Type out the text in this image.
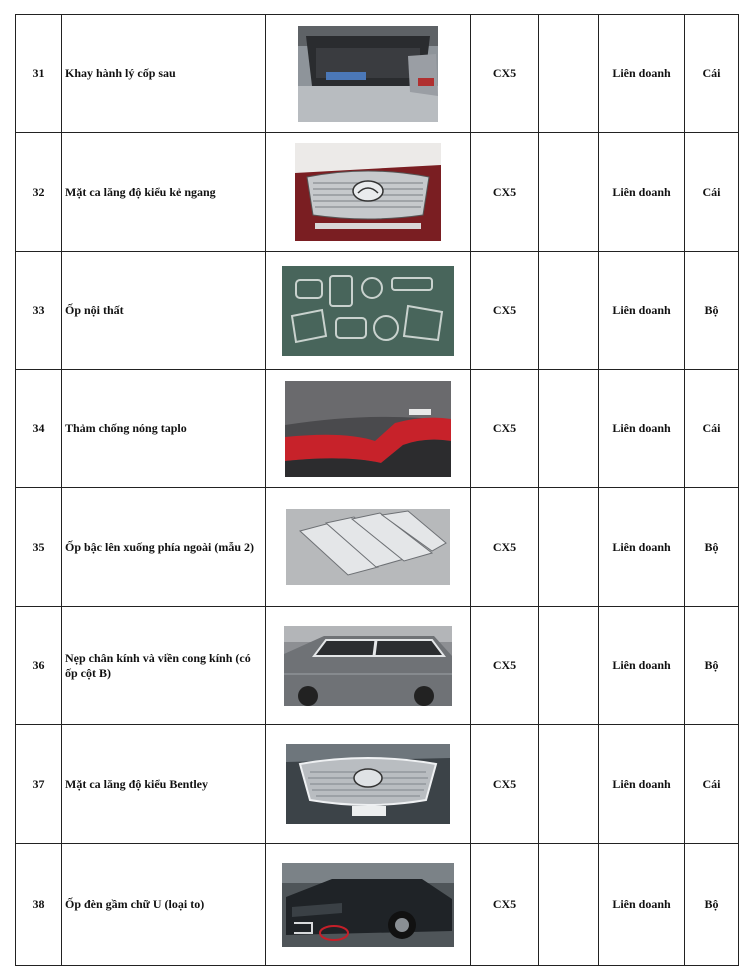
31	Khay hành lý cốp sau		CX5		Liên doanh	Cái
32	Mặt ca lăng độ kiểu kẻ ngang		CX5		Liên doanh	Cái
33	Ốp nội thất		CX5		Liên doanh	Bộ
34	Thảm chống nóng taplo		CX5		Liên doanh	Cái
35	Ốp bậc lên xuống phía ngoài (mẫu 2)		CX5		Liên doanh	Bộ
36	Nẹp chân kính và viền cong kính (có ốp cột B)		CX5		Liên doanh	Bộ
37	Mặt ca lăng độ kiểu Bentley		CX5		Liên doanh	Cái
38	Ốp đèn gầm chữ U (loại to)		CX5		Liên doanh	Bộ
